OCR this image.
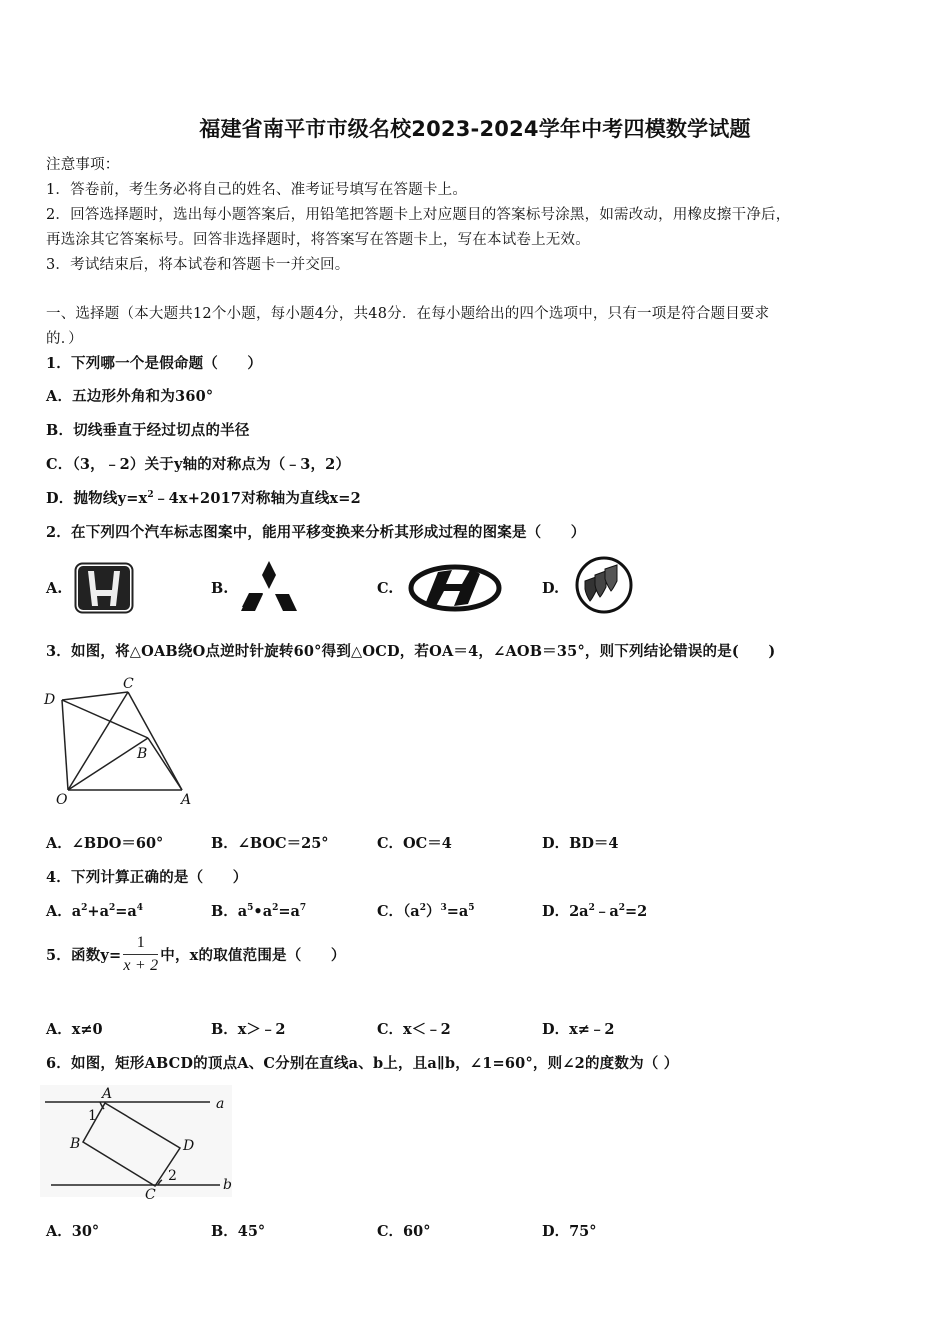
福建省南平市市级名校2023-2024学年中考四模数学试题
注意事项：
1．答卷前，考生务必将自己的姓名、准考证号填写在答题卡上。
2．回答选择题时，选出每小题答案后，用铅笔把答题卡上对应题目的答案标号涂黑，如需改动，用橡皮擦干净后，
再选涂其它答案标号。回答非选择题时，将答案写在答题卡上，写在本试卷上无效。
3．考试结束后，将本试卷和答题卡一并交回。
一、选择题（本大题共12个小题，每小题4分，共48分．在每小题给出的四个选项中，只有一项是符合题目要求
的．）
1．下列哪一个是假命题（　　）
A．五边形外角和为360°
B．切线垂直于经过切点的半径
C．（3，﹣2）关于y轴的对称点为（﹣3，2）
D．抛物线$y=x^2﹣4x+2017$对称轴为直线x=2
2．在下列四个汽车标志图案中，能用平移变换来分析其形成过程的图案是（　　）
A.	B.	C.	D.
3．如图，将△OAB绕O点逆时针旋转60°得到△OCD，若OA＝4，∠AOB＝35°，则下列结论错误的是(　　)
D
C
B
O	A
A．∠BDO＝60°	B．∠BOC＝25°	C．OC＝4	D．BD＝4
4．下列计算正确的是（　　）
A．$a^2+a^2=a^4$	B．$a^5•a^2=a^7$	C．$(a^2)^3=a^5$	D．$2a^2﹣a^2=2$
5．函数$y= \frac{1}{x + 2}$ 中，x的取值范围是（　　）
A．x≠0	B．x＞﹣2	C．x＜﹣2	D．x≠﹣2
6．如图，矩形ABCD的顶点A、C分别在直线a、b上，且a∥b，∠1=60°，则∠2的度数为（ ）
A
B	D
C
a
b
1
2
A．30°	B．45°	C．60°	D．75°
